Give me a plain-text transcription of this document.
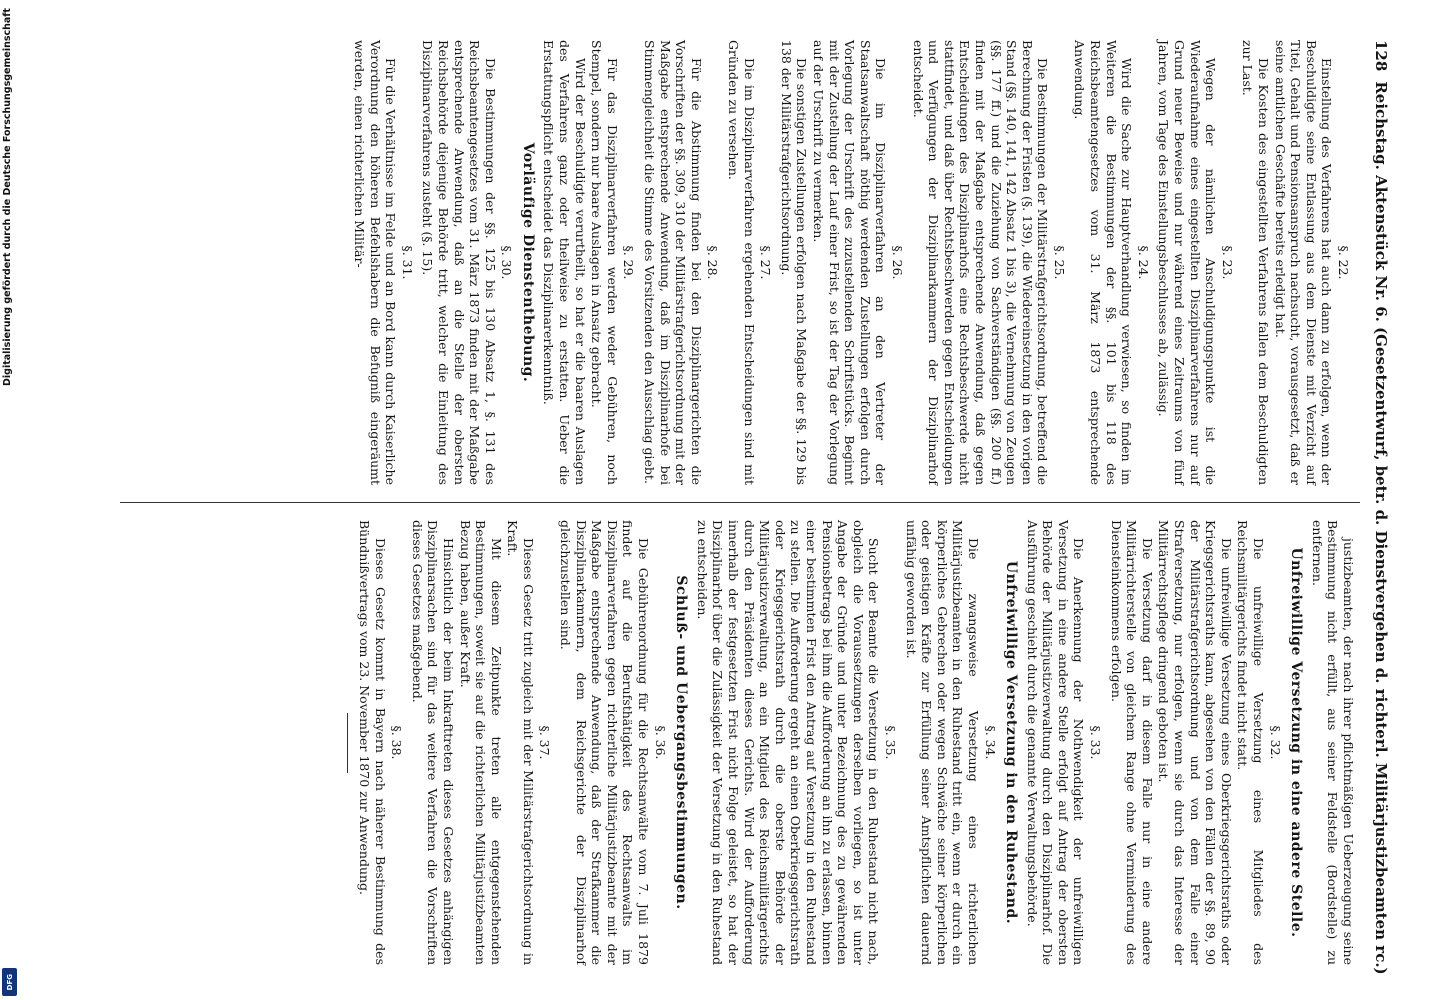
Digitalisierung gefördert durch die Deutsche Forschungsgemeinschaft
DFG
128Reichstag. Aktenstück Nr. 6. (Gesetzentwurf, betr. d. Dienstvergehen d. richterl. Militärjustizbeamten rc.)
§. 22.
Einstellung des Verfahrens hat auch dann zu erfolgen, wenn der Beschuldigte seine Entlassung aus dem Dienste mit Verzicht auf Titel, Gehalt und Pensionsanspruch nachsucht, vorausgesetzt, daß er seine amtlichen Geschäfte bereits erledigt hat.
Die Kosten des eingestellten Verfahrens fallen dem Beschuldigten zur Last.
§. 23.
Wegen der nämlichen Anschuldigungspunkte ist die Wiederaufnahme eines eingestellten Disziplinarverfahrens nur auf Grund neuer Beweise und nur während eines Zeitraums von fünf Jahren, vom Tage des Einstellungsbeschlusses ab, zulässig.
§. 24.
Wird die Sache zur Hauptverhandlung verwiesen, so finden im Weiteren die Bestimmungen der §§. 101 bis 118 des Reichsbeamtengesetzes vom 31. März 1873 entsprechende Anwendung.
§. 25.
Die Bestimmungen der Militärstrafgerichtsordnung, betreffend die Berechnung der Fristen (§. 139), die Wiedereinsetzung in den vorigen Stand (§§. 140, 141, 142 Absatz 1 bis 3), die Vernehmung von Zeugen (§§. 177 ff.) und die Zuziehung von Sachverständigen (§§. 200 ff.) finden mit der Maßgabe entsprechende Anwendung, daß gegen Entscheidungen des Disziplinarhofs eine Rechtsbeschwerde nicht stattfindet, und daß über Rechtsbeschwerden gegen Entscheidungen und Verfügungen der Disziplinarkammern der Disziplinarhof entscheidet.
§. 26.
Die im Disziplinarverfahren an den Vertreter der Staatsanwaltschaft nöthig werdenden Zustellungen erfolgen durch Vorlegung der Urschrift des zuzustellenden Schriftstücks. Beginnt mit der Zustellung der Lauf einer Frist, so ist der Tag der Vorlegung auf der Urschrift zu vermerken.
Die sonstigen Zustellungen erfolgen nach Maßgabe der §§. 129 bis 138 der Militärstrafgerichtsordnung.
§. 27.
Die im Disziplinarverfahren ergehenden Entscheidungen sind mit Gründen zu versehen.
§. 28.
Für die Abstimmung finden bei den Disziplinargerichten die Vorschriften der §§. 309, 310 der Militärstrafgerichtsordnung mit der Maßgabe entsprechende Anwendung, daß im Disziplinarhofe bei Stimmengleichheit die Stimme des Vorsitzenden den Ausschlag giebt.
§. 29.
Für das Disziplinarverfahren werden weder Gebühren, noch Stempel, sondern nur baare Auslagen in Ansatz gebracht.
Wird der Beschuldigte verurtheilt, so hat er die baaren Auslagen des Verfahrens ganz oder theilweise zu erstatten. Ueber die Erstattungspflicht entscheidet das Disziplinarerkenntniß.
Vorläufige Dienstenthebung.
§. 30.
Die Bestimmungen der §§. 125 bis 130 Absatz 1, §. 131 des Reichsbeamtengesetzes vom 31. März 1873 finden mit der Maßgabe entsprechende Anwendung, daß an die Stelle der obersten Reichsbehörde diejenige Behörde tritt, welcher die Einleitung des Disziplinarverfahrens zusteht (§. 15).
§. 31.
Für die Verhältnisse im Felde und an Bord kann durch Kaiserliche Verordnung den höheren Befehlshabern die Befugniß eingeräumt werden, einen richterlichen Militär-
justizbeamten, der nach ihrer pflichtmäßigen Ueberzeugung seine Bestimmung nicht erfüllt, aus seiner Feldstelle (Bordstelle) zu entfernen.
Unfreiwillige Versetzung in eine andere Stelle.
§. 32.
Die unfreiwillige Versetzung eines Mitgliedes des Reichsmilitärgerichts findet nicht statt.
Die unfreiwillige Versetzung eines Oberkriegsgerichtsraths oder Kriegsgerichtsraths kann, abgesehen von den Fällen der §§. 89, 90 der Militärstrafgerichtsordnung und von dem Falle einer Strafversetzung, nur erfolgen, wenn sie durch das Interesse der Militärrechtspflege dringend geboten ist.
Die Versetzung darf in diesem Falle nur in eine andere Militärrichterstelle von gleichem Range ohne Verminderung des Diensteinkommens erfolgen.
§. 33.
Die Anerkennung der Nothwendigkeit der unfreiwilligen Versetzung in eine andere Stelle erfolgt auf Antrag der obersten Behörde der Militärjustizverwaltung durch den Disziplinarhof. Die Ausführung geschieht durch die genannte Verwaltungsbehörde.
Unfreiwillige Versetzung in den Ruhestand.
§. 34.
Die zwangsweise Versetzung eines richterlichen Militärjustizbeamten in den Ruhestand tritt ein, wenn er durch ein körperliches Gebrechen oder wegen Schwäche seiner körperlichen oder geistigen Kräfte zur Erfüllung seiner Amtspflichten dauernd unfähig geworden ist.
§. 35.
Sucht der Beamte die Versetzung in den Ruhestand nicht nach, obgleich die Voraussetzungen derselben vorliegen, so ist unter Angabe der Gründe und unter Bezeichnung des zu gewährenden Pensionsbetrags bei ihm die Aufforderung an ihn zu erlassen, binnen einer bestimmten Frist den Antrag auf Versetzung in den Ruhestand zu stellen. Die Aufforderung ergeht an einen Oberkriegsgerichtsrath oder Kriegsgerichtsrath durch die oberste Behörde der Militärjustizverwaltung, an ein Mitglied des Reichsmilitärgerichts durch den Präsidenten dieses Gerichts. Wird der Aufforderung innerhalb der festgesetzten Frist nicht Folge geleistet, so hat der Disziplinarhof über die Zulässigkeit der Versetzung in den Ruhestand zu entscheiden.
Schluß- und Uebergangsbestimmungen.
§. 36.
Die Gebührenordnung für die Rechtsanwälte vom 7. Juli 1879 findet auf die Berufsthätigkeit des Rechtsanwalts im Disziplinarverfahren gegen richterliche Militärjustizbeamte mit der Maßgabe entsprechende Anwendung, daß der Strafkammer die Disziplinarkammern, dem Reichsgerichte der Disziplinarhof gleichzustellen sind.
§. 37.
Dieses Gesetz tritt zugleich mit der Militärstrafgerichtsordnung in Kraft.
Mit diesem Zeitpunkte treten alle entgegenstehenden Bestimmungen, soweit sie auf die richterlichen Militärjustizbeamten Bezug haben, außer Kraft.
Hinsichtlich der beim Inkrafttreten dieses Gesetzes anhängigen Disziplinarsachen sind für das weitere Verfahren die Vorschriften dieses Gesetzes maßgebend.
§. 38.
Dieses Gesetz kommt in Bayern nach näherer Bestimmung des Bündnißvertrags vom 23. November 1870 zur Anwendung.
